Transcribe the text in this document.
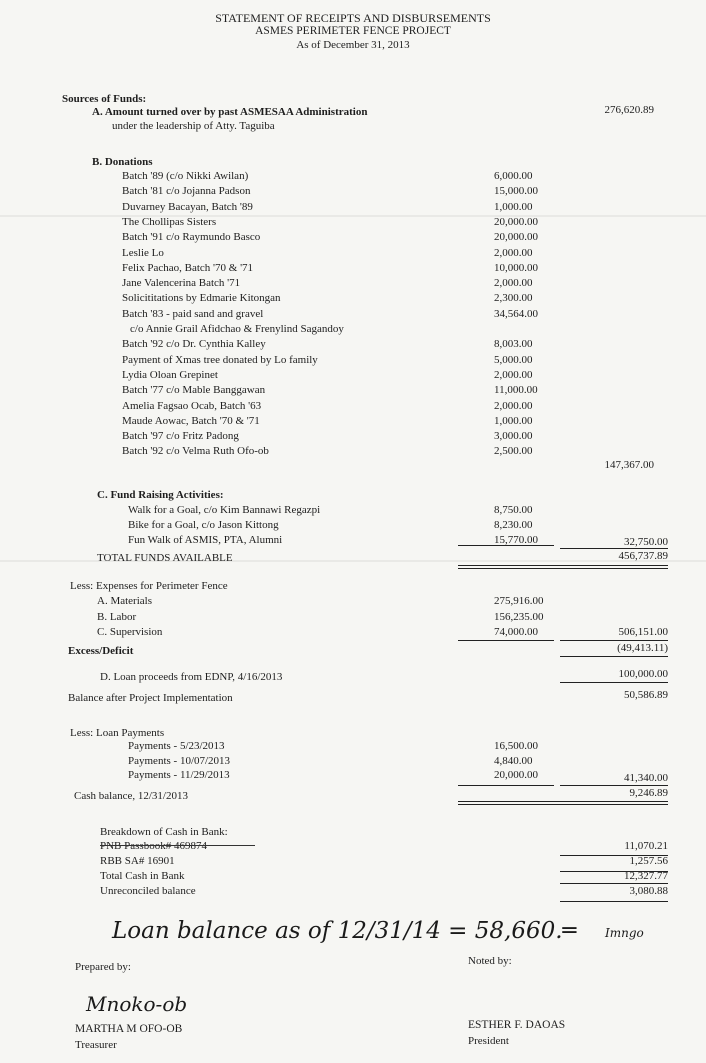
STATEMENT OF RECEIPTS AND DISBURSEMENTS
ASMES PERIMETER FENCE PROJECT
As of December 31, 2013
Sources of Funds:
A. Amount turned over by past ASMESAA Administration
under the leadership of Atty. Taguiba
276,620.89
B. Donations
Batch '89 (c/o Nikki Awilan)	6,000.00
Batch '81 c/o Jojanna Padson	15,000.00
Duvarney Bacayan, Batch '89	1,000.00
The Chollipas Sisters	20,000.00
Batch '91 c/o Raymundo Basco	20,000.00
Leslie Lo	2,000.00
Felix Pachao, Batch '70 & '71	10,000.00
Jane Valencerina Batch '71	2,000.00
Solicititations by Edmarie Kitongan	2,300.00
Batch '83 - paid sand and gravel	34,564.00
c/o Annie Grail Afidchao & Frenylind Sagandoy
Batch '92 c/o Dr. Cynthia Kalley	8,003.00
Payment of Xmas tree donated by Lo family	5,000.00
Lydia Oloan Grepinet	2,000.00
Batch '77 c/o Mable Banggawan	11,000.00
Amelia Fagsao Ocab, Batch '63	2,000.00
Maude Aowac, Batch '70 & '71	1,000.00
Batch '97 c/o Fritz Padong	3,000.00
Batch '92 c/o Velma Ruth Ofo-ob	2,500.00
147,367.00
C. Fund Raising Activities:
Walk for a Goal, c/o Kim Bannawi Regazpi	8,750.00
Bike for a Goal, c/o Jason Kittong	8,230.00
Fun Walk of ASMIS, PTA, Alumni	15,770.00	32,750.00
TOTAL FUNDS AVAILABLE	456,737.89
Less: Expenses for Perimeter Fence
A. Materials	275,916.00
B. Labor	156,235.00
C. Supervision	74,000.00	506,151.00
Excess/Deficit	(49,413.11)
D. Loan proceeds from EDNP, 4/16/2013	100,000.00
Balance after Project Implementation	50,586.89
Less: Loan Payments
Payments - 5/23/2013	16,500.00
Payments - 10/07/2013	4,840.00
Payments - 11/29/2013	20,000.00	41,340.00
Cash balance, 12/31/2013	9,246.89
Breakdown of Cash in Bank:
PNB Passbook# 469874	11,070.21
RBB SA# 16901	1,257.56
Total Cash in Bank	12,327.77
Unreconciled balance	3,080.88
Loan balance as of 12/31/14 = 58,660.═ Imngo
Prepared by:	Noted by:
Mnoko-ob
MARTHA M OFO-OB
Treasurer
ESTHER F. DAOAS
President
